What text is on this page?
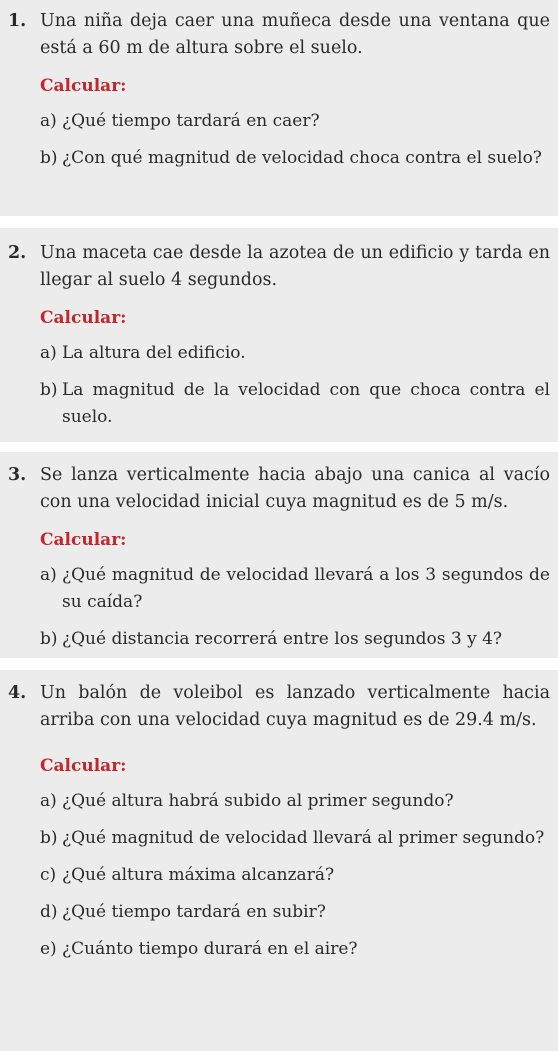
1. Una niña deja caer una muñeca desde una ventana que está a 60 m de altura sobre el suelo.
Calcular:
a) ¿Qué tiempo tardará en caer?
b) ¿Con qué magnitud de velocidad choca contra el suelo?
2. Una maceta cae desde la azotea de un edificio y tarda en llegar al suelo 4 segundos.
Calcular:
a) La altura del edificio.
b) La magnitud de la velocidad con que choca contra el suelo.
3. Se lanza verticalmente hacia abajo una canica al vacío con una velocidad inicial cuya magnitud es de 5 m/s.
Calcular:
a) ¿Qué magnitud de velocidad llevará a los 3 segundos de su caída?
b) ¿Qué distancia recorrerá entre los segundos 3 y 4?
4. Un balón de voleibol es lanzado verticalmente hacia arriba con una velocidad cuya magnitud es de 29.4 m/s.
Calcular:
a) ¿Qué altura habrá subido al primer segundo?
b) ¿Qué magnitud de velocidad llevará al primer segundo?
c) ¿Qué altura máxima alcanzará?
d) ¿Qué tiempo tardará en subir?
e) ¿Cuánto tiempo durará en el aire?
